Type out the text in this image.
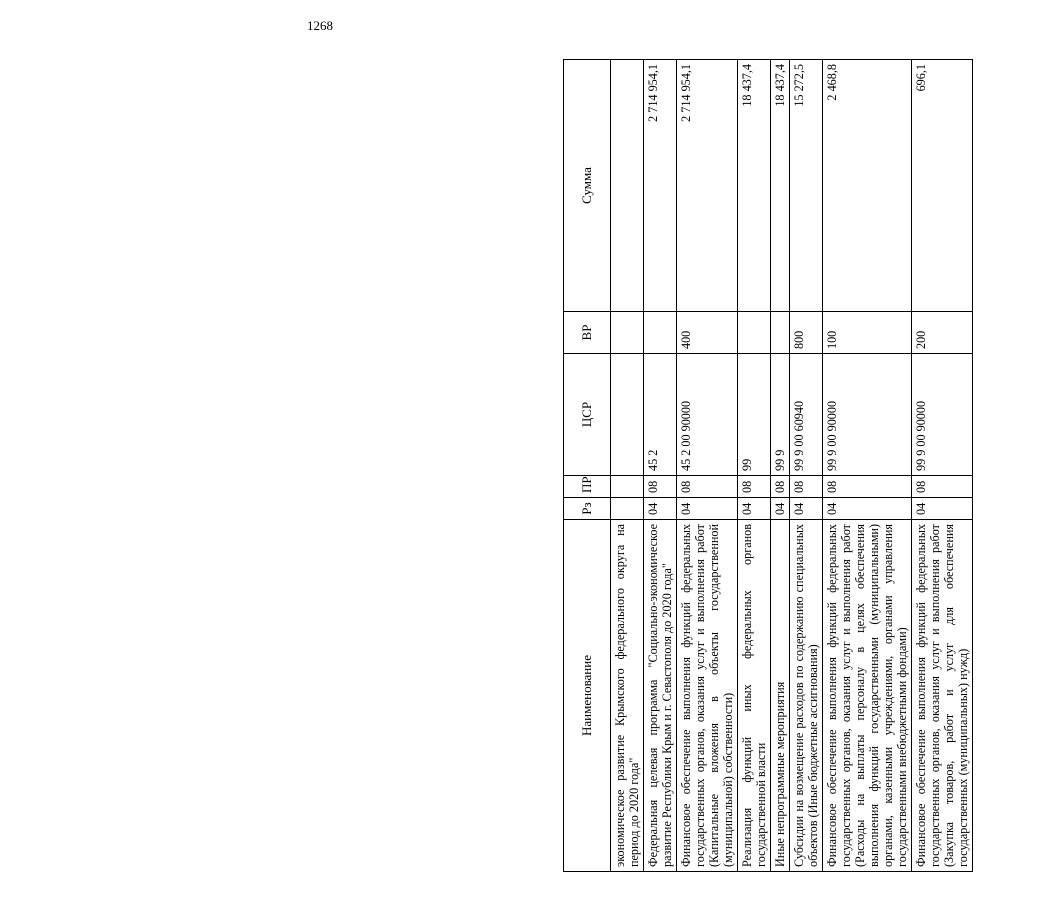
1268
Наименование	Рз	ПР	ЦСР	ВР	Сумма
экономическое развитие Крымского федерального округа на период до 2020 года"					
Федеральная целевая программа "Социально-экономическое развитие Республики Крым и г. Севастополя до 2020 года"	04	08	45 2		2 714 954,1
Финансовое обеспечение выполнения функций федеральных государственных органов, оказания услуг и выполнения работ (Капитальные вложения в объекты государственной (муниципальной) собственности)	04	08	45 2 00 90000	400	2 714 954,1
Реализация функций иных федеральных органов государственной власти	04	08	99		18 437,4
Иные непрограммные мероприятия	04	08	99 9		18 437,4
Субсидии на возмещение расходов по содержанию специальных объектов (Иные бюджетные ассигнования)	04	08	99 9 00 60940	800	15 272,5
Финансовое обеспечение выполнения функций федеральных государственных органов, оказания услуг и выполнения работ (Расходы на выплаты персоналу в целях обеспечения выполнения функций государственными (муниципальными) органами, казенными учреждениями, органами управления государственными внебюджетными фондами)	04	08	99 9 00 90000	100	2 468,8
Финансовое обеспечение выполнения функций федеральных государственных органов, оказания услуг и выполнения работ (Закупка товаров, работ и услуг для обеспечения государственных (муниципальных) нужд)	04	08	99 9 00 90000	200	696,1
